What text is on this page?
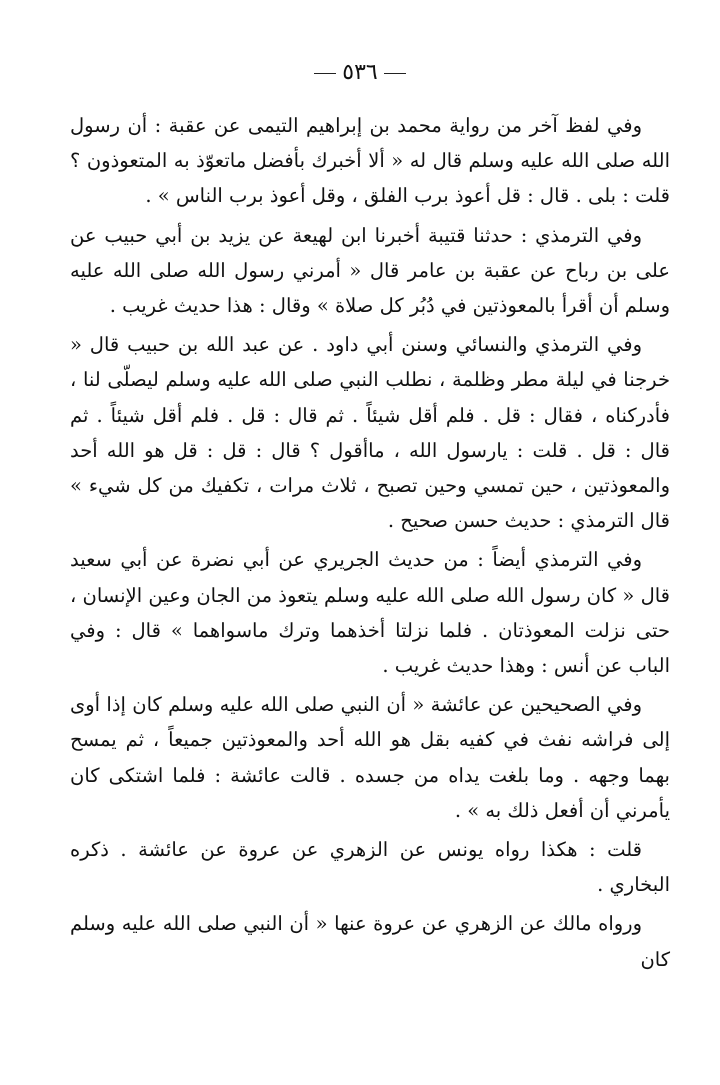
٥٣٦

وفي لفظ آخر من رواية محمد بن إبراهيم التيمى عن عقبة : أن رسول الله صلى الله عليه وسلم قال له « ألا أخبرك بأفضل ماتعوّذ به المتعوذون ؟ قلت : بلى . قال : قل أعوذ برب الفلق ، وقل أعوذ برب الناس » .

وفي الترمذي : حدثنا قتيبة أخبرنا ابن لهيعة عن يزيد بن أبي حبيب عن على بن رباح عن عقبة بن عامر قال « أمرني رسول الله صلى الله عليه وسلم أن أقرأ بالمعوذتين في دُبُر كل صلاة » وقال : هذا حديث غريب .

وفي الترمذي والنسائي وسنن أبي داود . عن عبد الله بن حبيب قال « خرجنا في ليلة مطر وظلمة ، نطلب النبي صلى الله عليه وسلم ليصلّى لنا ، فأدركناه ، فقال : قل . فلم أقل شيئاً . ثم قال : قل . فلم أقل شيئاً . ثم قال : قل . قلت : يارسول الله ، ماأقول ؟ قال : قل : قل هو الله أحد والمعوذتين ، حين تمسي وحين تصبح ، ثلاث مرات ، تكفيك من كل شيء » قال الترمذي : حديث حسن صحيح .

وفي الترمذي أيضاً : من حديث الجريري عن أبي نضرة عن أبي سعيد قال « كان رسول الله صلى الله عليه وسلم يتعوذ من الجان وعين الإنسان ، حتى نزلت المعوذتان . فلما نزلتا أخذهما وترك ماسواهما » قال : وفي الباب عن أنس : وهذا حديث غريب .

وفي الصحيحين عن عائشة « أن النبي صلى الله عليه وسلم كان إذا أوى إلى فراشه نفث في كفيه بقل هو الله أحد والمعوذتين جميعاً ، ثم يمسح بهما وجهه . وما بلغت يداه من جسده . قالت عائشة : فلما اشتكى كان يأمرني أن أفعل ذلك به » .

قلت : هكذا رواه يونس عن الزهري عن عروة عن عائشة . ذكره البخاري .

ورواه مالك عن الزهري عن عروة عنها « أن النبي صلى الله عليه وسلم كان
